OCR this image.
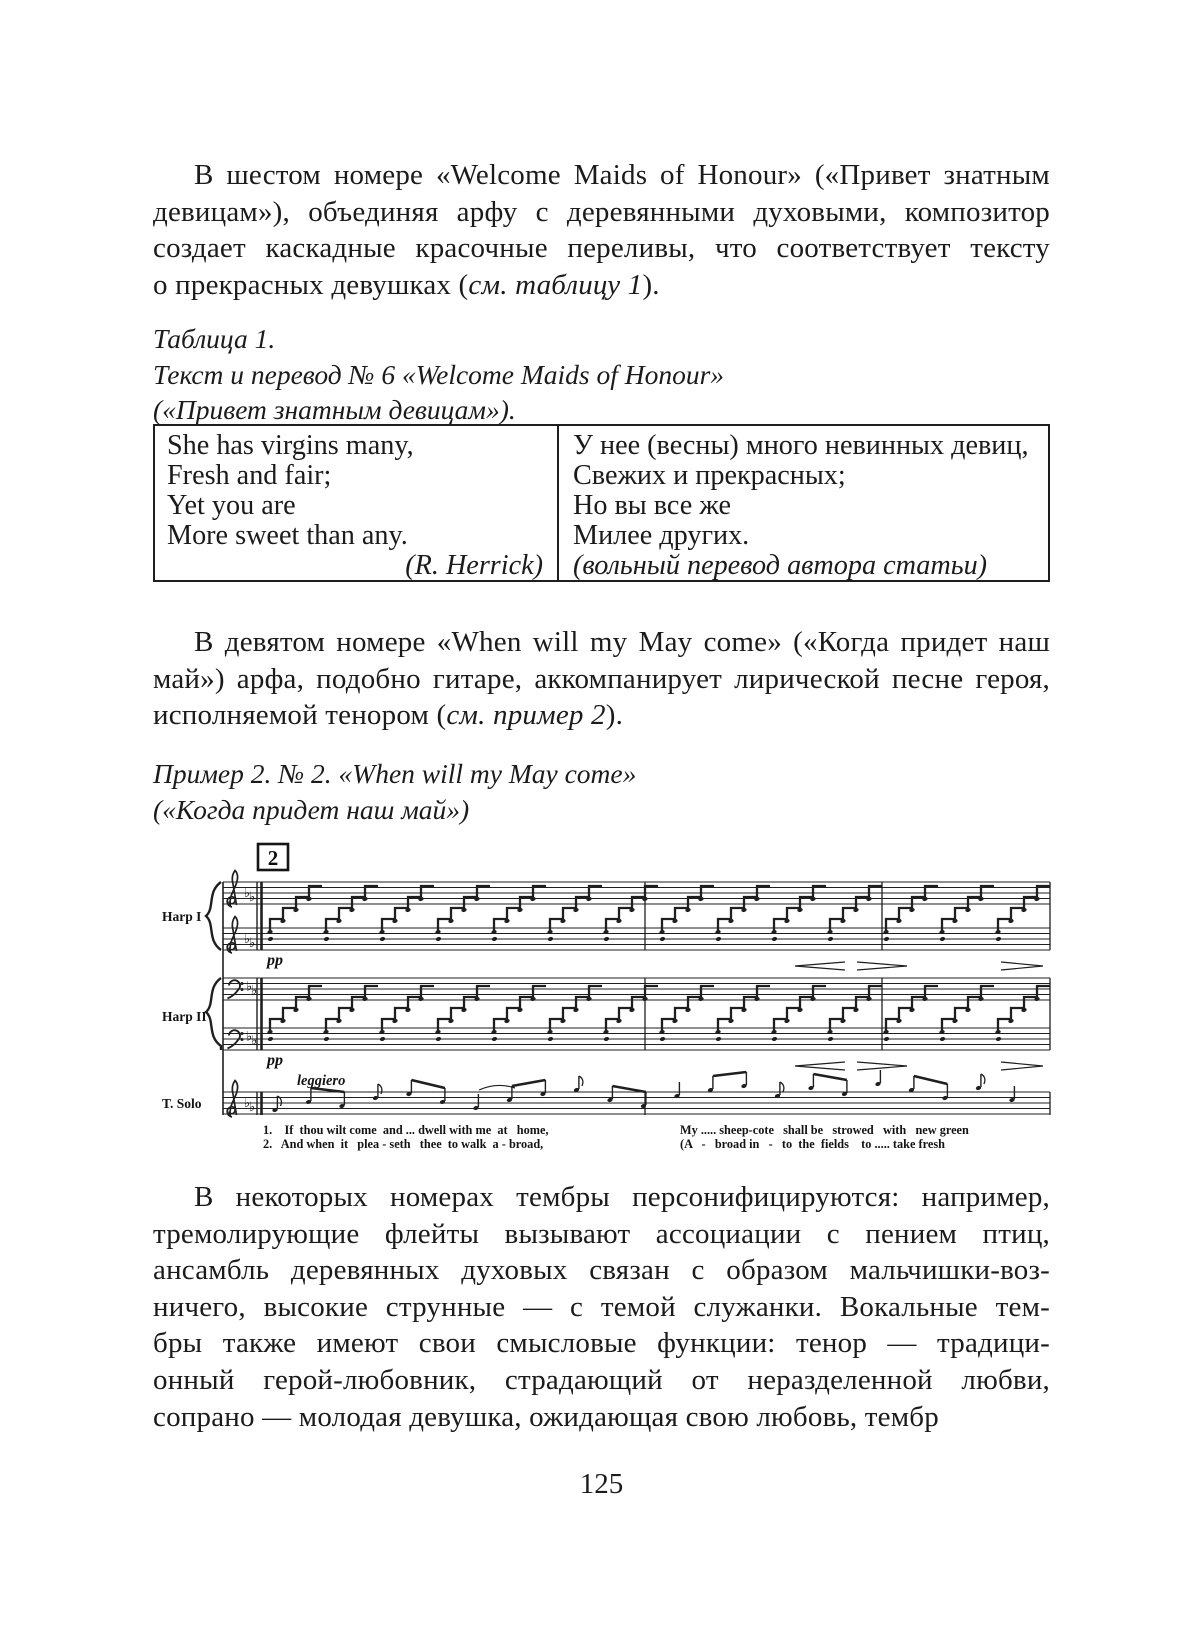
В шестом номере «Welcome Maids of Honour» («Привет знатным
девицам»), объединяя арфу с деревянными духовыми, композитор
создает каскадные красочные переливы, что соответствует тексту
о прекрасных девушках (см. таблицу 1).
Таблица 1.
Текст и перевод № 6 «Welcome Maids of Honour»
(«Привет знатным девицам»).
She has virgins many,
Fresh and fair;
Yet you are
More sweet than any.
(R. Herrick)
У нее (весны) много невинных девиц,
Свежих и прекрасных;
Но вы все же
Милее других.
(вольный перевод автора статьи)
В девятом номере «When will my May come» («Когда придет наш
май») арфа, подобно гитаре, аккомпанирует лирической песне героя,
исполняемой тенором (см. пример 2).
Пример 2. № 2. «When will my May come»
(«Когда придет наш май»)
♭
♭
♭
♭
♭
♭
♭
♭
♭
♭
2
Harp I
Harp II
T. Solo
pp
pp
leggiero
1.    If  thou wilt come  and ... dwell with me  at   home,
2.   And when  it   plea - seth   thee  to walk  a - broad,
My ..... sheep-cote   shall be   strowed   with   new green
(A   -   broad in   -   to  the  fields    to ..... take fresh
В некоторых номерах тембры персонифицируются: например,
тремолирующие флейты вызывают ассоциации с пением птиц,
ансамбль деревянных духовых связан с образом мальчишки-воз-
ничего, высокие струнные — с темой служанки. Вокальные тем-
бры также имеют свои смысловые функции: тенор — традици-
онный герой-любовник, страдающий от неразделенной любви,
сопрано — молодая девушка, ожидающая свою любовь, тембр
125
